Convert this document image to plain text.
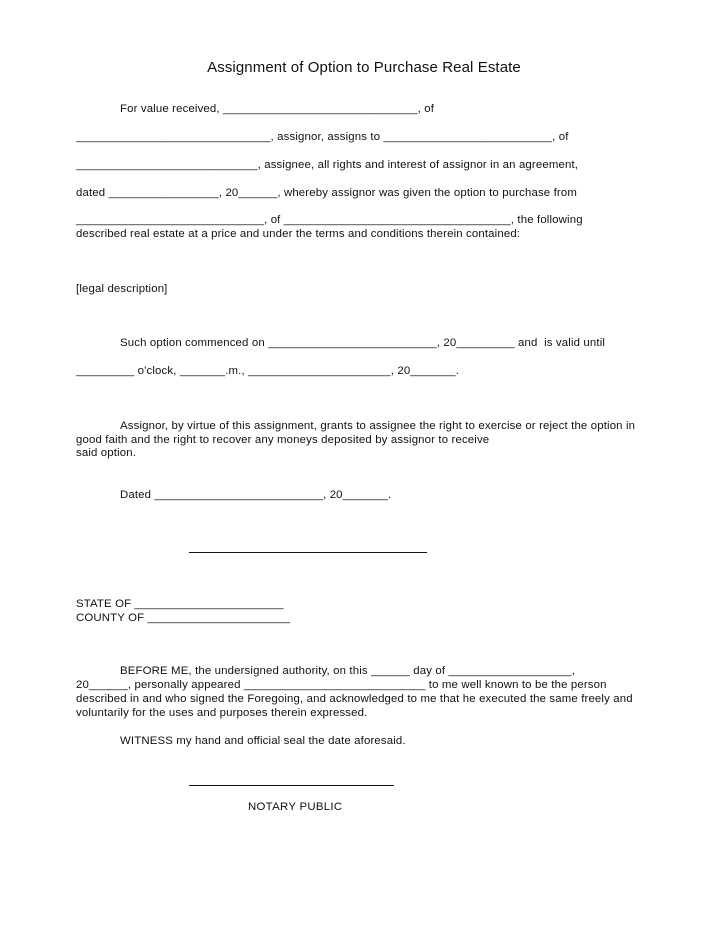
Assignment of Option to Purchase Real Estate
For value received, ______________________________, of
______________________________, assignor, assigns to __________________________, of
____________________________, assignee, all rights and interest of assignor in an agreement,
dated _________________, 20______, whereby assignor was given the option to purchase from
_____________________________, of ___________________________________, the following
described real estate at a price and under the terms and conditions therein contained:
[legal description]
Such option commenced on __________________________, 20_________ and  is valid until
_________ o'clock, _______.m., ______________________, 20_______.
Assignor, by virtue of this assignment, grants to assignee the right to exercise or reject the option in
good faith and the right to recover any moneys deposited by assignor to receive
said option.
Dated __________________________, 20_______.
STATE OF _______________________
COUNTY OF ______________________
BEFORE ME, the undersigned authority, on this ______ day of ___________________,
20______, personally appeared ____________________________ to me well known to be the person
described in and who signed the Foregoing, and acknowledged to me that he executed the same freely and
voluntarily for the uses and purposes therein expressed.
WITNESS my hand and official seal the date aforesaid.
NOTARY PUBLIC
